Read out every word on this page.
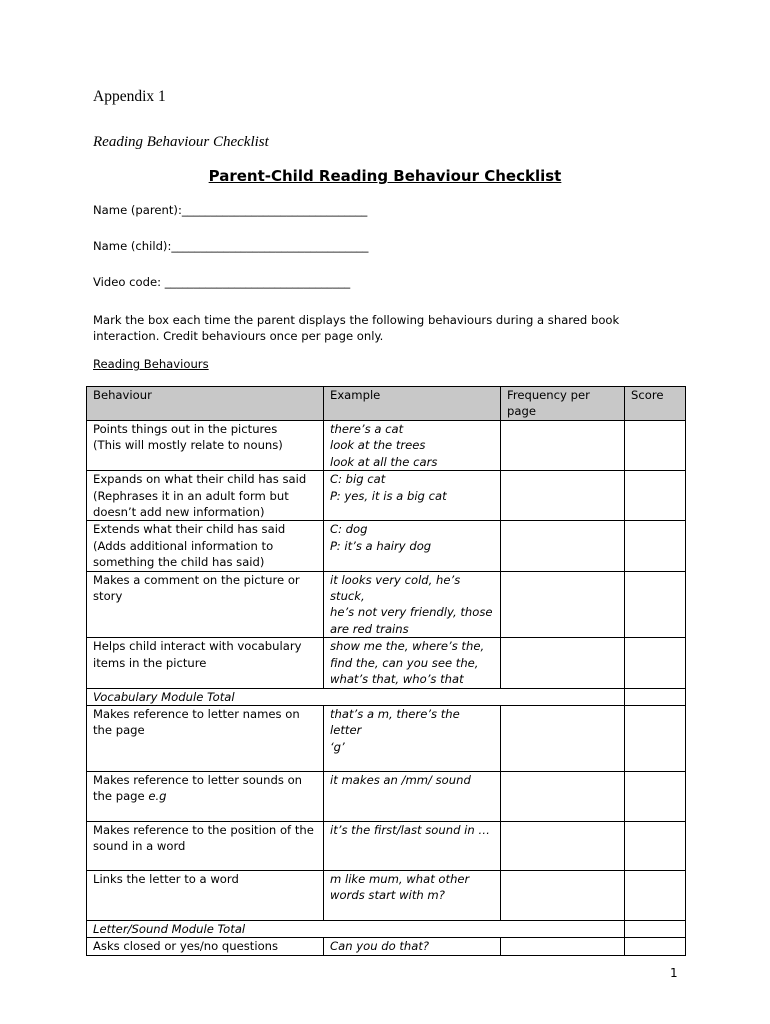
Appendix 1
Reading Behaviour Checklist
Parent-Child Reading Behaviour Checklist
Name (parent):________________________________
Name (child):__________________________________
Video code: ________________________________
Mark the box each time the parent displays the following behaviours during a shared book interaction. Credit behaviours once per page only.
Reading Behaviours
Behaviour	Example	Frequency per page	Score

Points things out in the pictures
(This will mostly relate to nouns)	there’s a cat
look at the trees
look at all the cars		

Expands on what their child has said
(Rephrases it in an adult form but
doesn’t add new information)	C: big cat
P: yes, it is a big cat		

Extends what their child has said
(Adds additional information to
something the child has said)	C: dog
P: it’s a hairy dog		

Makes a comment on the picture or
story	it looks very cold, he’s stuck,
he’s not very friendly, those
are red trains		

Helps child interact with vocabulary
items in the picture	show me the, where’s the,
find the, can you see the,
what’s that, who’s that		

Vocabulary Module Total			

Makes reference to letter names on
the page	that’s a m, there’s the letter
‘g’		

Makes reference to letter sounds on
the page e.g	it makes an /mm/ sound		

Makes reference to the position of the
sound in a word	it’s the first/last sound in …		

Links the letter to a word	m like mum, what other
words start with m?		

Letter/Sound Module Total			
Asks closed or yes/no questions	Can you do that?		
1
